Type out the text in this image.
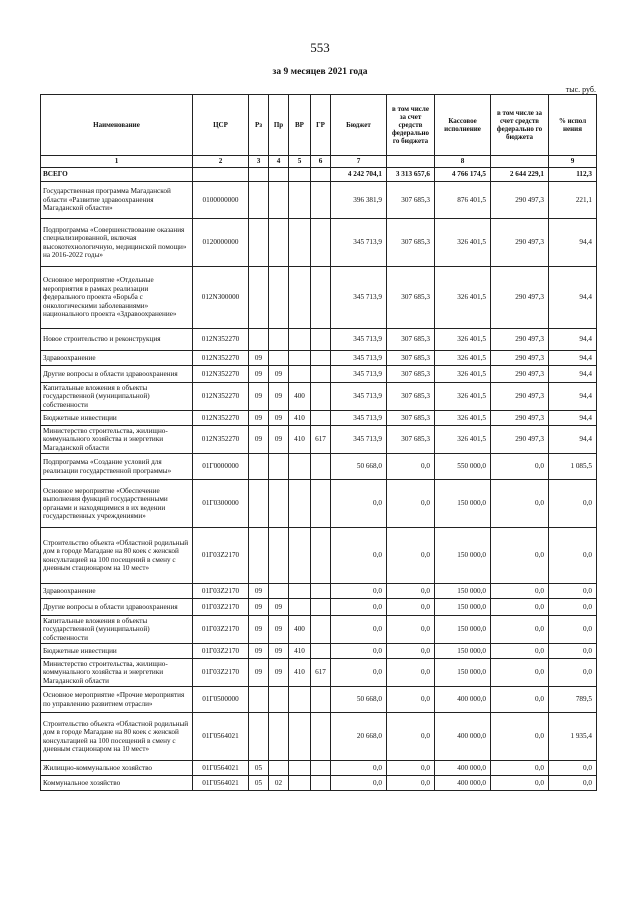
553
за 9 месяцев 2021 года
тыс. руб.
Наименование	ЦСР	Рз	Пр	ВР	ГР	Бюджет	в том числе за счет средств федерально го бюджета	Кассовое исполнение	в том числе за счет средств федерально го бюджета	% испол нения
1	2	3	4	5	6	7		8		9
ВСЕГО						4 242 704,1	3 313 657,6	4 766 174,5	2 644 229,1	112,3
Государственная программа Магаданской области «Развитие здравоохранения Магаданской области»	0100000000					396 381,9	307 685,3	876 401,5	290 497,3	221,1
Подпрограмма «Совершенствование оказания специализированной, включая высокотехнологичную, медицинской помощи» на 2016-2022 годы»	0120000000					345 713,9	307 685,3	326 401,5	290 497,3	94,4
Основное мероприятие «Отдельные мероприятия в рамках реализации федерального проекта «Борьба с онкологическими заболеваниями» национального проекта «Здравоохранение»	012N300000					345 713,9	307 685,3	326 401,5	290 497,3	94,4
Новое строительство и реконструкция	012N352270					345 713,9	307 685,3	326 401,5	290 497,3	94,4
Здравоохранение	012N352270	09				345 713,9	307 685,3	326 401,5	290 497,3	94,4
Другие вопросы в области здравоохранения	012N352270	09	09			345 713,9	307 685,3	326 401,5	290 497,3	94,4
Капитальные вложения в объекты государственной (муниципальной) собственности	012N352270	09	09	400		345 713,9	307 685,3	326 401,5	290 497,3	94,4
Бюджетные инвестиции	012N352270	09	09	410		345 713,9	307 685,3	326 401,5	290 497,3	94,4
Министерство строительства, жилищно-коммунального хозяйства и энергетики Магаданской области	012N352270	09	09	410	617	345 713,9	307 685,3	326 401,5	290 497,3	94,4
Подпрограмма «Создание условий для реализации государственной программы»	01Г0000000					50 668,0	0,0	550 000,0	0,0	1 085,5
Основное мероприятие «Обеспечение выполнения функций государственными органами и находящимися в их ведении государственных учреждениями»	01Г0300000					0,0	0,0	150 000,0	0,0	0,0
Строительство объекта «Областной родильный дом в городе Магадане на 80 коек с женской консультацией на 100 посещений в смену с дневным стационаром на 10 мест»	01Г03Z2170					0,0	0,0	150 000,0	0,0	0,0
Здравоохранение	01Г03Z2170	09				0,0	0,0	150 000,0	0,0	0,0
Другие вопросы в области здравоохранения	01Г03Z2170	09	09			0,0	0,0	150 000,0	0,0	0,0
Капитальные вложения в объекты государственной (муниципальной) собственности	01Г03Z2170	09	09	400		0,0	0,0	150 000,0	0,0	0,0
Бюджетные инвестиции	01Г03Z2170	09	09	410		0,0	0,0	150 000,0	0,0	0,0
Министерство строительства, жилищно-коммунального хозяйства и энергетики Магаданской области	01Г03Z2170	09	09	410	617	0,0	0,0	150 000,0	0,0	0,0
Основное мероприятие «Прочие мероприятия по управлению развитием отрасли»	01Г0500000					50 668,0	0,0	400 000,0	0,0	789,5
Строительство объекта «Областной родильный дом в городе Магадане на 80 коек с женской консультацией на 100 посещений в смену с дневным стационаром на 10 мест»	01Г0564021					20 668,0	0,0	400 000,0	0,0	1 935,4
Жилищно-коммунальное хозяйство	01Г0564021	05				0,0	0,0	400 000,0	0,0	0,0
Коммунальное хозяйство	01Г0564021	05	02			0,0	0,0	400 000,0	0,0	0,0
